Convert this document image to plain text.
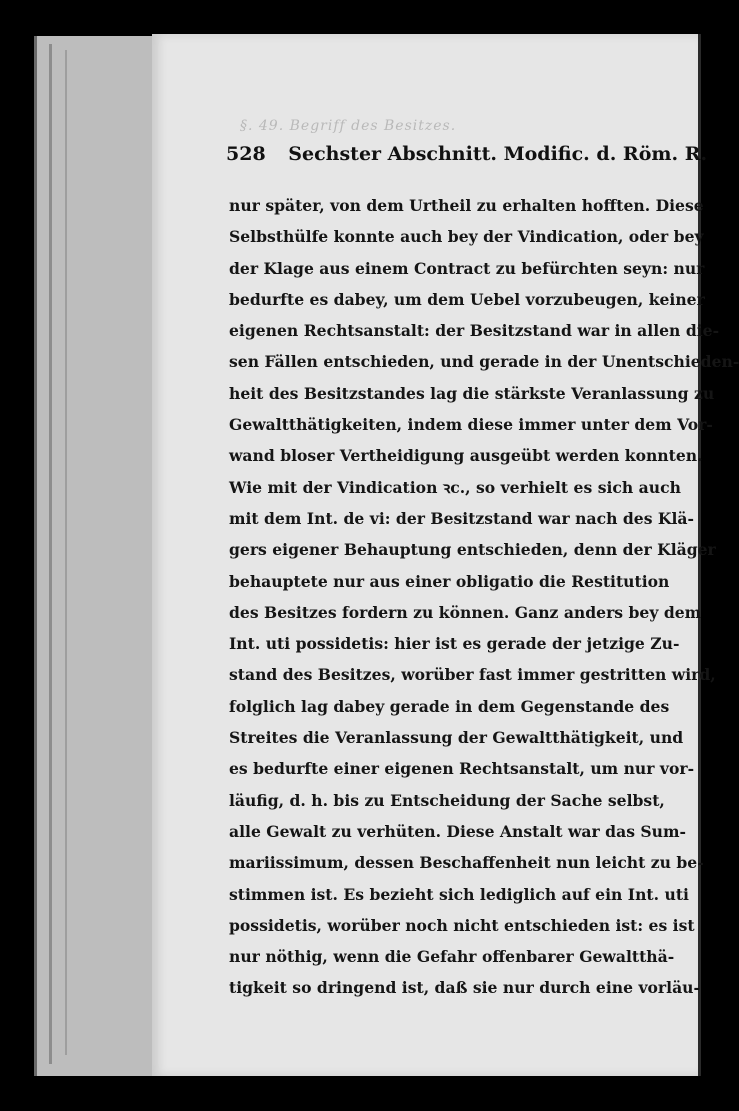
§. 49. Begriff des Besitzes.
528 Sechster Abschnitt. Modific. d. Röm. R.
nur später, von dem Urtheil zu erhalten hofften. Diese
Selbsthülfe konnte auch bey der Vindication, oder bey
der Klage aus einem Contract zu befürchten seyn: nur
bedurfte es dabey, um dem Uebel vorzubeugen, keiner
eigenen Rechtsanstalt: der Besitzstand war in allen die-
sen Fällen entschieden, und gerade in der Unentschieden-
heit des Besitzstandes lag die stärkste Veranlassung zu
Gewaltthätigkeiten, indem diese immer unter dem Vor-
wand bloser Vertheidigung ausgeübt werden konnten.
Wie mit der Vindication ꝛc., so verhielt es sich auch
mit dem Int. de vi: der Besitzstand war nach des Klä-
gers eigener Behauptung entschieden, denn der Kläger
behauptete nur aus einer obligatio die Restitution
des Besitzes fordern zu können. Ganz anders bey dem
Int. uti possidetis: hier ist es gerade der jetzige Zu-
stand des Besitzes, worüber fast immer gestritten wird,
folglich lag dabey gerade in dem Gegenstande des
Streites die Veranlassung der Gewaltthätigkeit, und
es bedurfte einer eigenen Rechtsanstalt, um nur vor-
läufig, d. h. bis zu Entscheidung der Sache selbst,
alle Gewalt zu verhüten. Diese Anstalt war das Sum-
mariissimum, dessen Beschaffenheit nun leicht zu be-
stimmen ist. Es bezieht sich lediglich auf ein Int. uti
possidetis, worüber noch nicht entschieden ist: es ist
nur nöthig, wenn die Gefahr offenbarer Gewaltthä-
tigkeit so dringend ist, daß sie nur durch eine vorläu-
